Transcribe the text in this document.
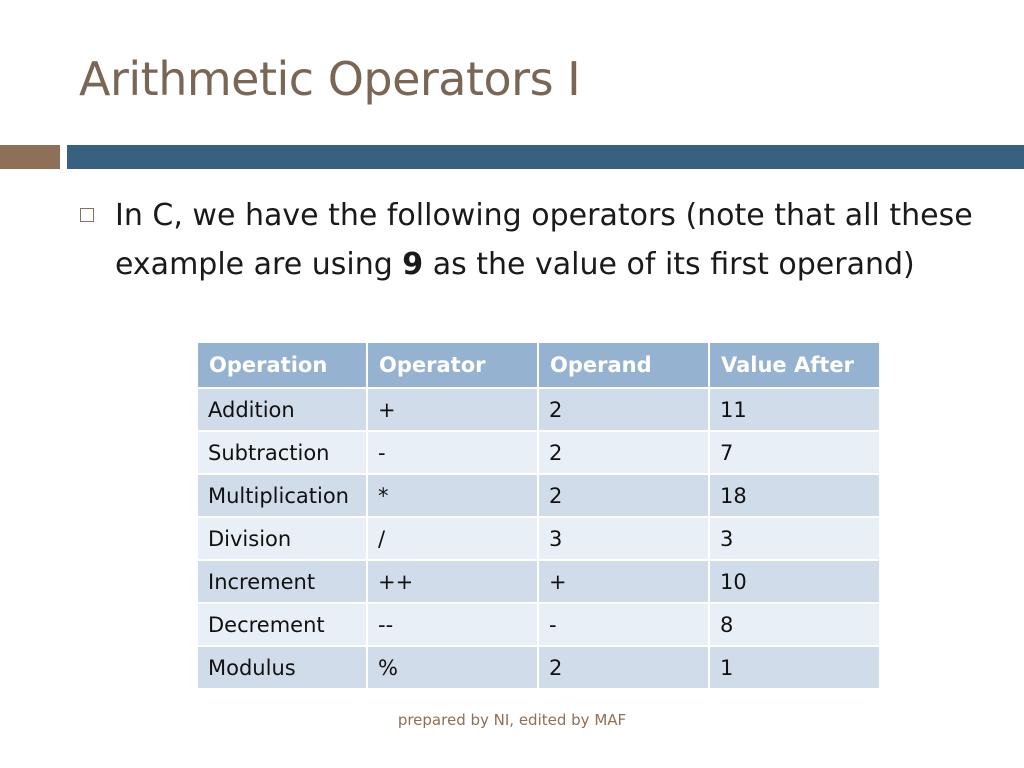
Arithmetic Operators I
In C, we have the following operators (note that all these example are using 9 as the value of its first operand)
Operation	Operator	Operand	Value After
Addition	+	2	11
Subtraction	-	2	7
Multiplication	*	2	18
Division	/	3	3
Increment	++	+	10
Decrement	--	-	8
Modulus	%	2	1
prepared by NI, edited by MAF
